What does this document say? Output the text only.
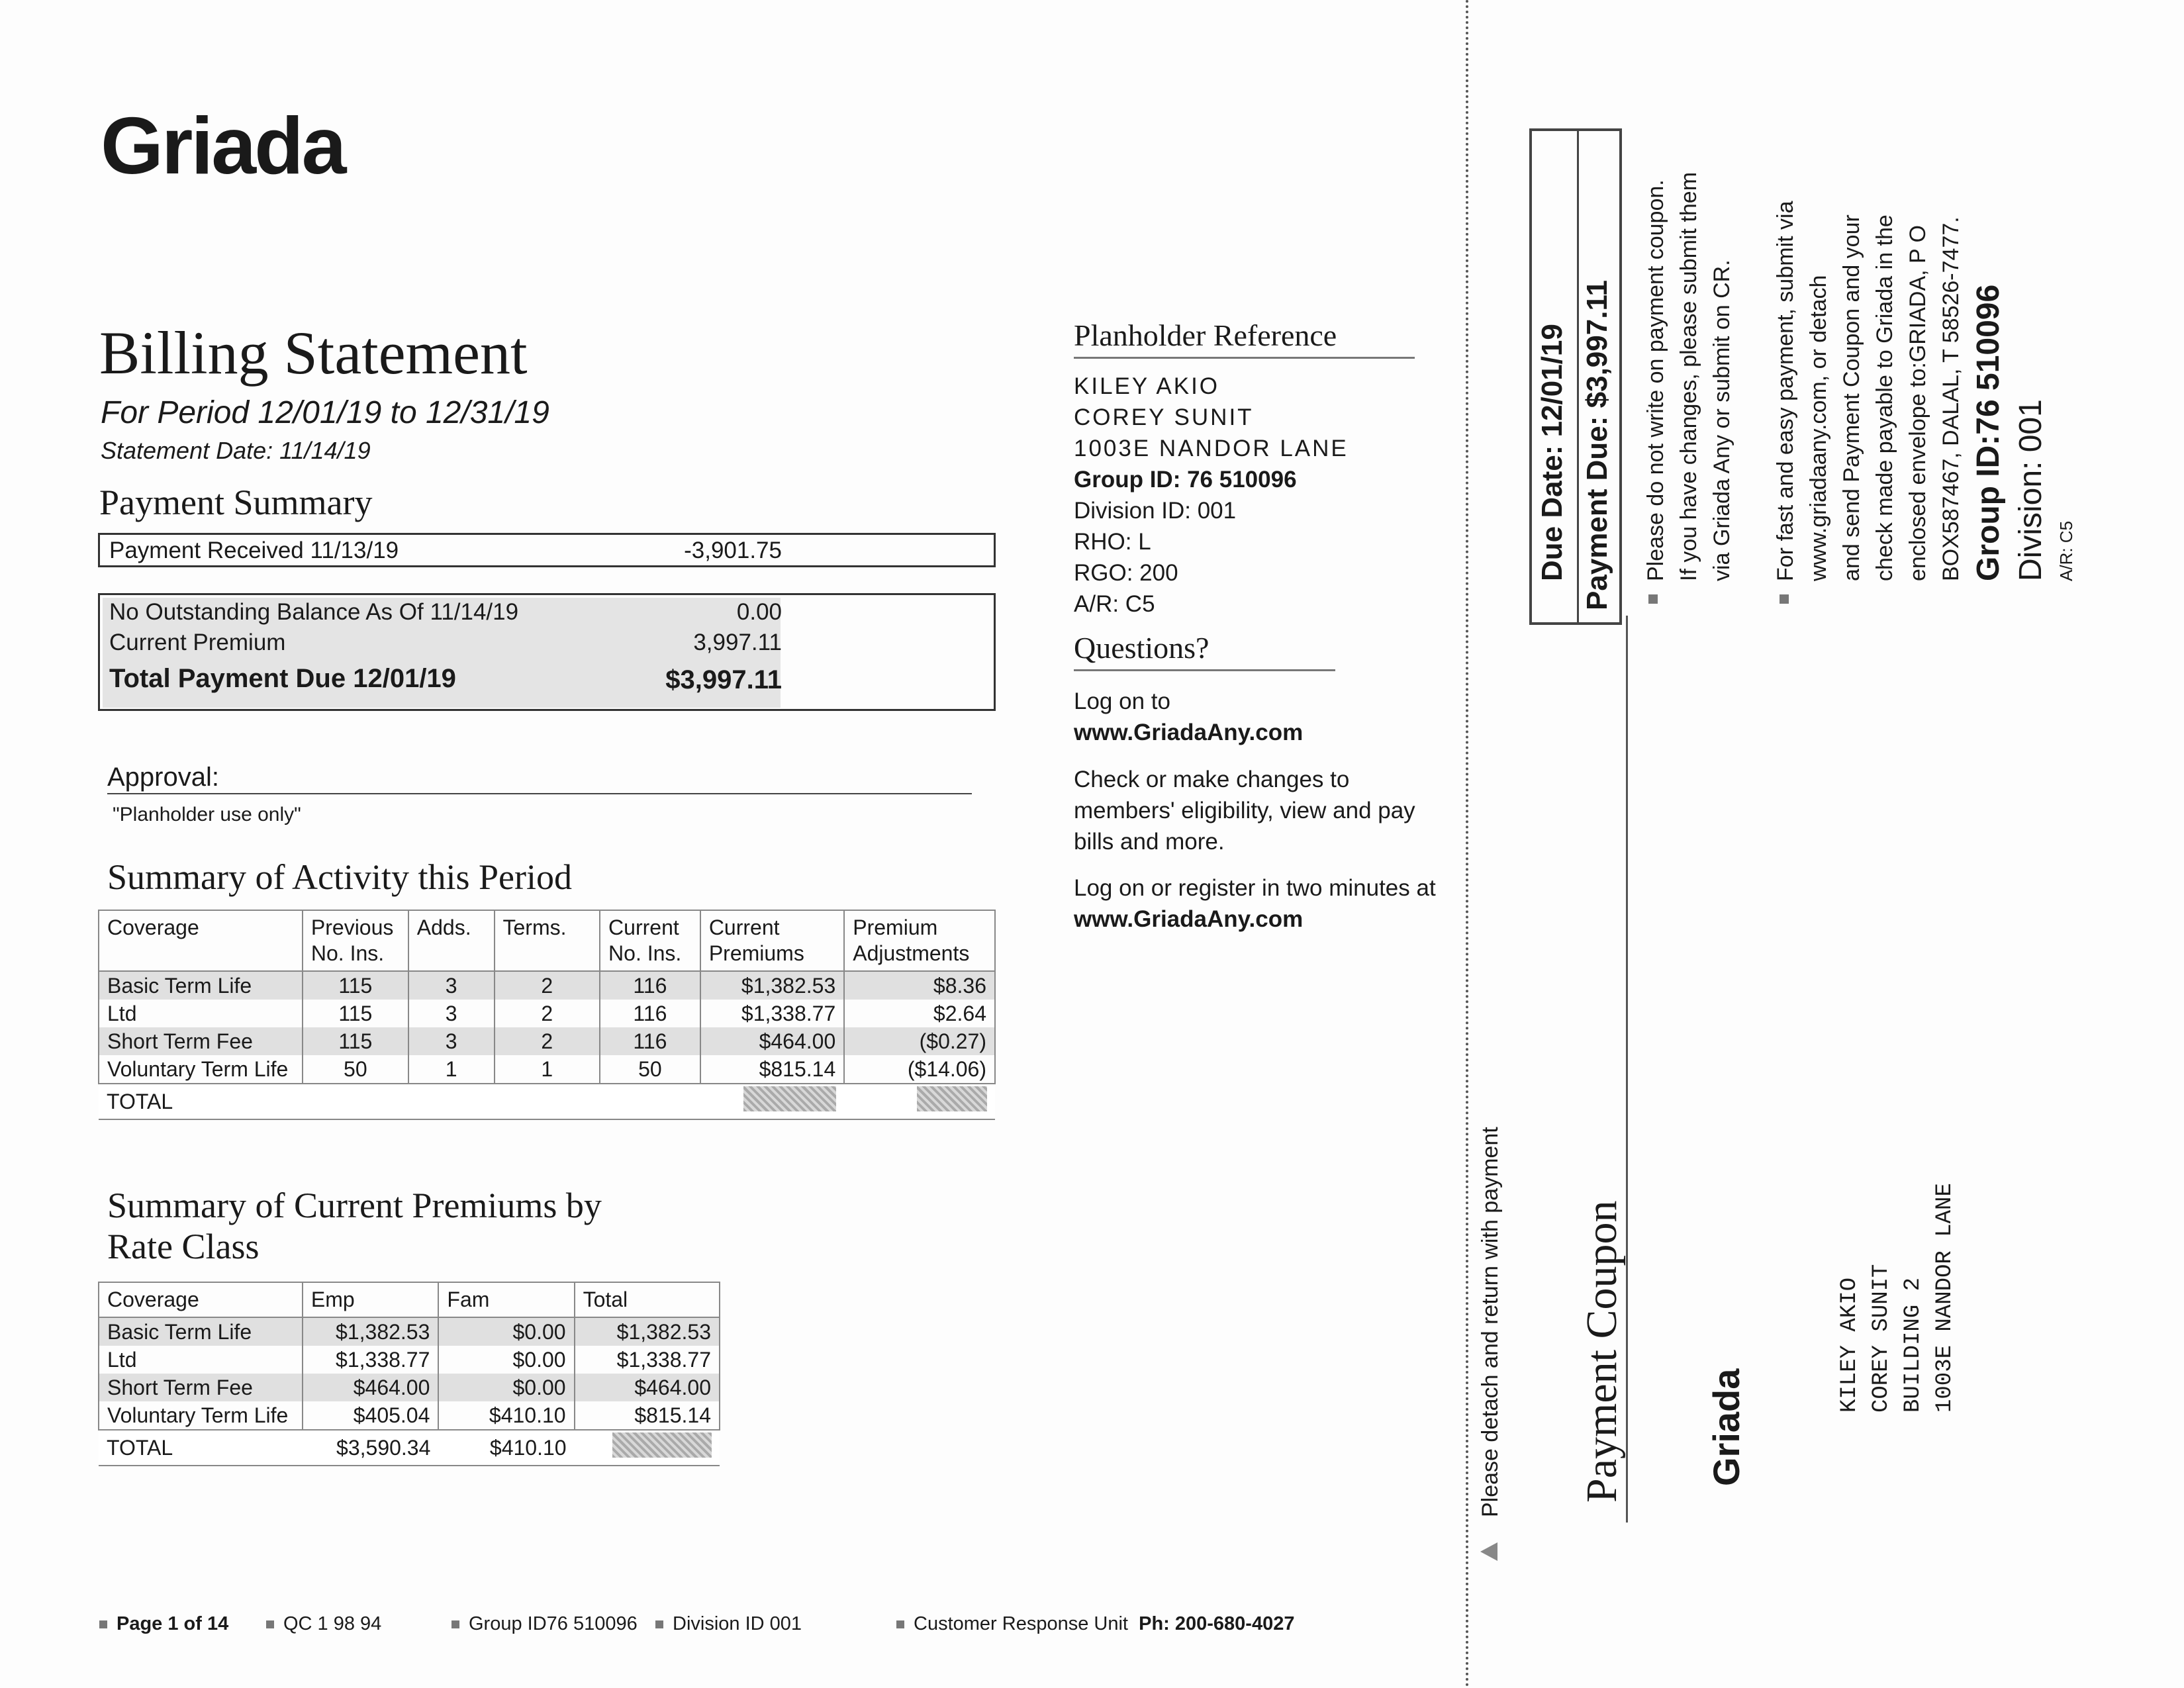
Griada
Billing Statement
For Period 12/01/19 to 12/31/19
Statement Date: 11/14/19
Payment Summary
Payment Received 11/13/19	-3,901.75
No Outstanding Balance As Of 11/14/19	0.00
Current Premium	3,997.11
Total Payment Due 12/01/19	$3,997.11
Approval:
"Planholder use only"
Summary of Activity this Period
Coverage	Previous No. Ins.	Adds.	Terms.	Current No. Ins.	Current Premiums	Premium Adjustments
Basic Term Life	115	3	2	116	$1,382.53	$8.36
Ltd	115	3	2	116	$1,338.77	$2.64
Short Term Fee	115	3	2	116	$464.00	($0.27)
Voluntary Term Life	50	1	1	50	$815.14	($14.06)
TOTAL						
Summary of Current Premiums by
Rate Class
Coverage	Emp	Fam	Total
Basic Term Life	$1,382.53	$0.00	$1,382.53
Ltd	$1,338.77	$0.00	$1,338.77
Short Term Fee	$464.00	$0.00	$464.00
Voluntary Term Life	$405.04	$410.10	$815.14
TOTAL	$3,590.34	$410.10	
Planholder Reference
KILEY AKIO
COREY SUNIT
1003E NANDOR LANE
Group ID: 76 510096
Division ID: 001
RHO: L
RGO: 200
A/R: C5
Questions?
Log on to
www.GriadaAny.com
Check or make changes to members' eligibility, view and pay bills and more.
Log on or register in two minutes at
www.GriadaAny.com
Page 1 of 14	QC 1 98 94	Group ID76 510096	Division ID 001	Customer Response Unit Ph: 200-680-4027
Please detach and return with payment Payment Coupon Griada
Due Date: 12/01/19 Payment Due: $3,997.11 Please do not write on payment coupon. If you have changes, please submit them via Griada Any or submit on CR. For fast and easy payment, submit via www.griadaany.com, or detach and send Payment Coupon and your check made payable to Griada in the enclosed envelope to:GRIADA, P O BOX587467, DALAL, T 58526-7477. Group ID:76 510096 Division: 001 A/R: C5
KILEY AKIO COREY SUNIT BUILDING 2 1003E NANDOR LANE
